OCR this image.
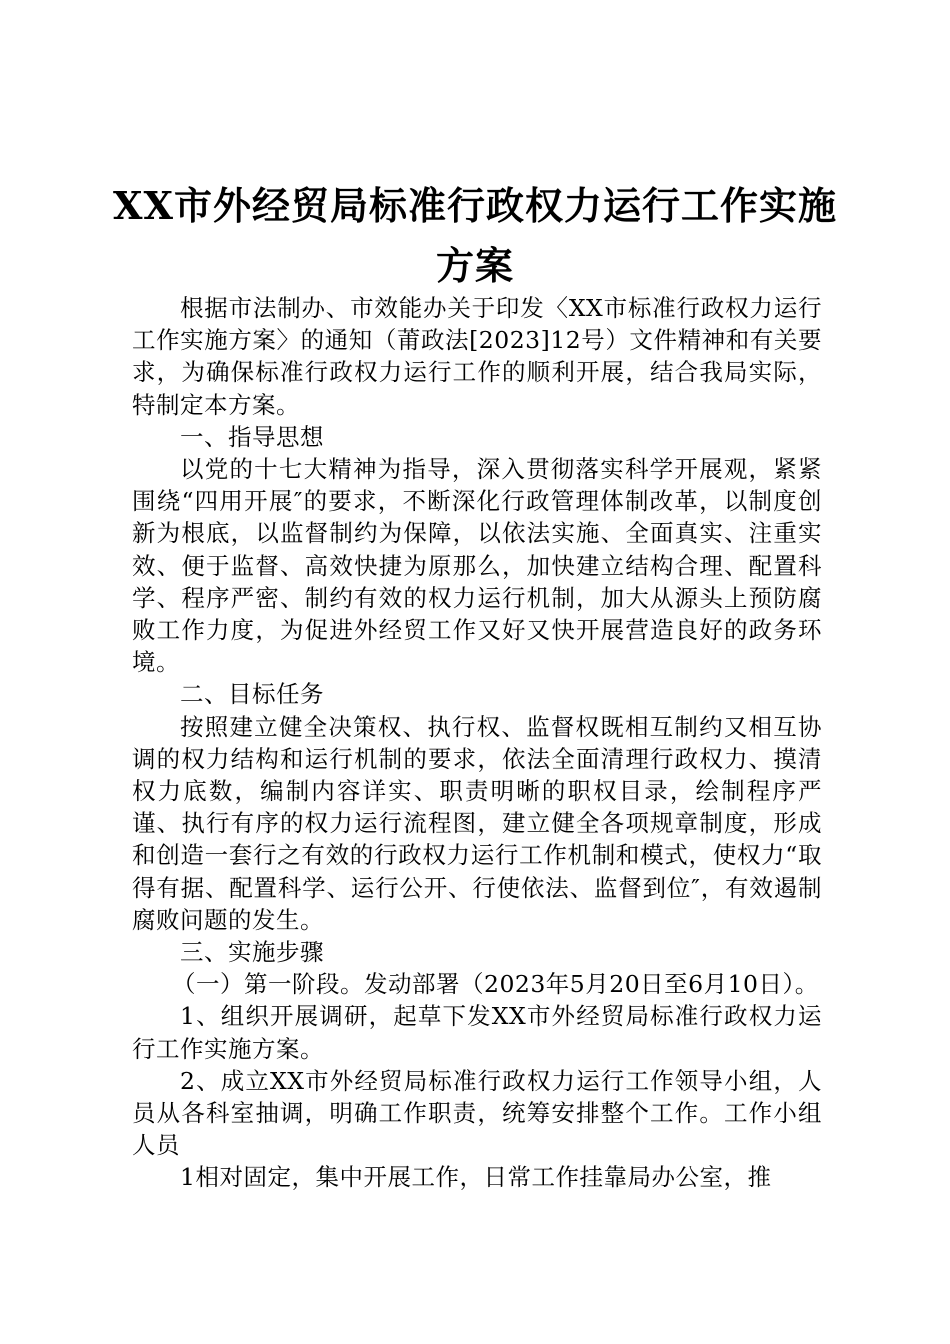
XX市外经贸局标准行政权力运行工作实施方案

根据市法制办、市效能办关于印发〈XX市标准行政权力运行工作实施方案〉的通知（莆政法[2023]12号）文件精神和有关要求，为确保标准行政权力运行工作的顺利开展，结合我局实际，特制定本方案。

一、指导思想

以党的十七大精神为指导，深入贯彻落实科学开展观，紧紧围绕“四用开展″的要求，不断深化行政管理体制改革，以制度创新为根底，以监督制约为保障，以依法实施、全面真实、注重实效、便于监督、高效快捷为原那么，加快建立结构合理、配置科学、程序严密、制约有效的权力运行机制，加大从源头上预防腐败工作力度，为促进外经贸工作又好又快开展营造良好的政务环境。

二、目标任务

按照建立健全决策权、执行权、监督权既相互制约又相互协调的权力结构和运行机制的要求，依法全面清理行政权力、摸清权力底数，编制内容详实、职责明晰的职权目录，绘制程序严谨、执行有序的权力运行流程图，建立健全各项规章制度，形成和创造一套行之有效的行政权力运行工作机制和模式，使权力“取得有据、配置科学、运行公开、行使依法、监督到位″，有效遏制腐败问题的发生。

三、实施步骤

（一）第一阶段。发动部署（2023年5月20日至6月10日）。

1、组织开展调研，起草下发XX市外经贸局标准行政权力运行工作实施方案。

2、成立XX市外经贸局标准行政权力运行工作领导小组，人员从各科室抽调，明确工作职责，统筹安排整个工作。工作小组人员

1相对固定，集中开展工作，日常工作挂靠局办公室，推
